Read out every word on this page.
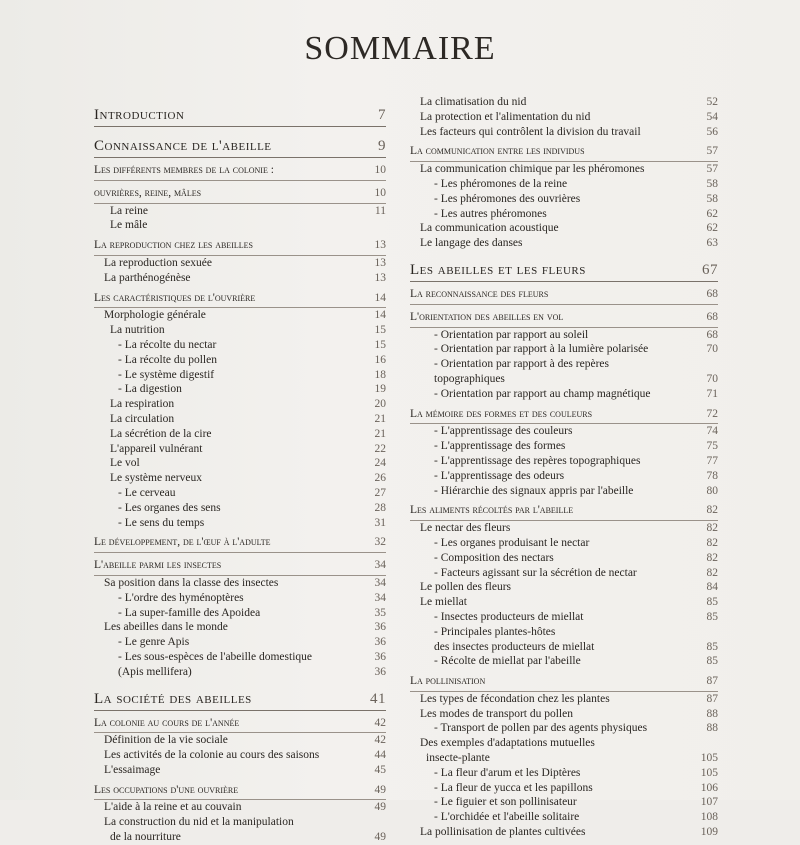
SOMMAIRE
Introduction	7
Connaissance de l'abeille	9
Les différents membres de la colonie :	10
ouvrières, reine, mâles	10
La reine	11
Le mâle
La reproduction chez les abeilles	13
La reproduction sexuée	13
La parthénogénèse	13
Les caractéristiques de l'ouvrière	14
Morphologie générale	14
La nutrition	15
- La récolte du nectar	15
- La récolte du pollen	16
- Le système digestif	18
- La digestion	19
La respiration	20
La circulation	21
La sécrétion de la cire	21
L'appareil vulnérant	22
Le vol	24
Le système nerveux	26
- Le cerveau	27
- Les organes des sens	28
- Le sens du temps	31
Le développement, de l'œuf à l'adulte	32
L'abeille parmi les insectes	34
Sa position dans la classe des insectes	34
- L'ordre des hyménoptères	34
- La super-famille des Apoidea	35
Les abeilles dans le monde	36
- Le genre Apis	36
- Les sous-espèces de l'abeille domestique	36
(Apis mellifera)	36
La société des abeilles	41
La colonie au cours de l'année	42
Définition de la vie sociale	42
Les activités de la colonie au cours des saisons	44
L'essaimage	45
Les occupations d'une ouvrière	49
L'aide à la reine et au couvain	49
La construction du nid et la manipulation
de la nourriture	49
La climatisation du nid	52
La protection et l'alimentation du nid	54
Les facteurs qui contrôlent la division du travail	56
La communication entre les individus	57
La communication chimique par les phéromones	57
- Les phéromones de la reine	58
- Les phéromones des ouvrières	58
- Les autres phéromones	62
La communication acoustique	62
Le langage des danses	63
Les abeilles et les fleurs	67
La reconnaissance des fleurs	68
L'orientation des abeilles en vol	68
- Orientation par rapport au soleil	68
- Orientation par rapport à la lumière polarisée	70
- Orientation par rapport à des repères
topographiques	70
- Orientation par rapport au champ magnétique	71
La mémoire des formes et des couleurs	72
- L'apprentissage des couleurs	74
- L'apprentissage des formes	75
- L'apprentissage des repères topographiques	77
- L'apprentissage des odeurs	78
- Hiérarchie des signaux appris par l'abeille	80
Les aliments récoltés par l'abeille	82
Le nectar des fleurs	82
- Les organes produisant le nectar	82
- Composition des nectars	82
- Facteurs agissant sur la sécrétion de nectar	82
Le pollen des fleurs	84
Le miellat	85
- Insectes producteurs de miellat	85
- Principales plantes-hôtes
des insectes producteurs de miellat	85
- Récolte de miellat par l'abeille	85
La pollinisation	87
Les types de fécondation chez les plantes	87
Les modes de transport du pollen	88
- Transport de pollen par des agents physiques	88
Des exemples d'adaptations mutuelles
insecte-plante	105
- La fleur d'arum et les Diptères	105
- La fleur de yucca et les papillons	106
- Le figuier et son pollinisateur	107
- L'orchidée et l'abeille solitaire	108
La pollinisation de plantes cultivées	109
